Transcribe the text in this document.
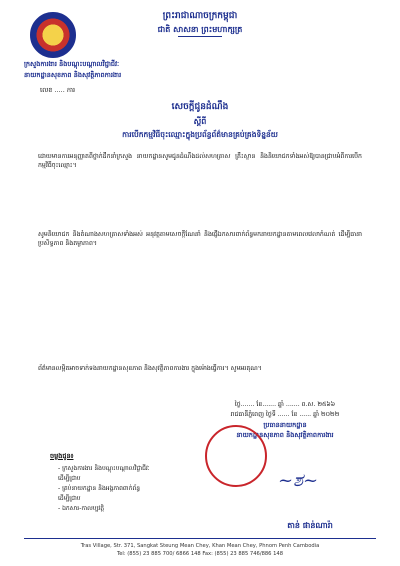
ព្រះរាជាណាចក្រកម្ពុជា
ជាតិ សាសនា ព្រះមហាក្សត្រ
ក្រសួងការងារ និងបណ្តុះបណ្តាលវិជ្ជាជីវៈ
នាយកដ្ឋានសុខភាព និងសុវត្ថិភាពការងារ
លេខ ..... ការ
សេចក្តីជូនដំណឹង
ស្តីពី
ការបើកកម្មវិធីចុះឈ្មោះក្នុងប្រព័ន្ធព័ត៌មានគ្រប់គ្រងទិន្នន័យ
ដោយមានការអនុញ្ញាតពីថ្នាក់ដឹកនាំក្រសួង នាយកដ្ឋានសូមជូនដំណឹងដល់សហគ្រាស គ្រឹះស្ថាន និងនិយោជកទាំងអស់ឱ្យបានជ្រាបអំពីការបើកកម្មវិធីចុះឈ្មោះ។
សូមនិយោជក និងតំណាងសហគ្រាសទាំងអស់ អនុវត្តតាមសេចក្តីណែនាំ និងផ្ញើឯកសារពាក់ព័ន្ធមកនាយកដ្ឋានតាមពេលវេលាកំណត់ ដើម្បីធានាប្រសិទ្ធភាព និងតម្លាភាព។
ព័ត៌មានលម្អិតអាចទាក់ទងនាយកដ្ឋានសុខភាព និងសុវត្ថិភាពការងារ ក្នុងម៉ោងធ្វើការ។ សូមអរគុណ។
ថ្ងៃ....... ខែ....... ឆ្នាំ ....... ព.ស. ២៥៦៦
រាជធានីភ្នំពេញ ថ្ងៃទី ...... ខែ ...... ឆ្នាំ ២០២២
ប្រធាននាយកដ្ឋាន
នាយកដ្ឋានសុខភាព និងសុវត្ថិភាពការងារ
~ಶ~
តាន់ ផាន់ណារ៉ា
ចម្លងជូន៖
- ក្រសួងការងារ និងបណ្តុះបណ្តាលវិជ្ជាជីវៈ
ដើម្បីជ្រាប
- គ្រប់នាយកដ្ឋាន និងអង្គភាពពាក់ព័ន្ធ
ដើម្បីជ្រាប
- ឯកសារ-កាលប្បវត្តិ
Tras Village, Str. 371, Sangkat Steung Mean Chey, Khan Mean Chey, Phnom Penh Cambodia
Tel: (855) 23 885 700/ 6866 148 Fax: (855) 23 885 746/886 148
